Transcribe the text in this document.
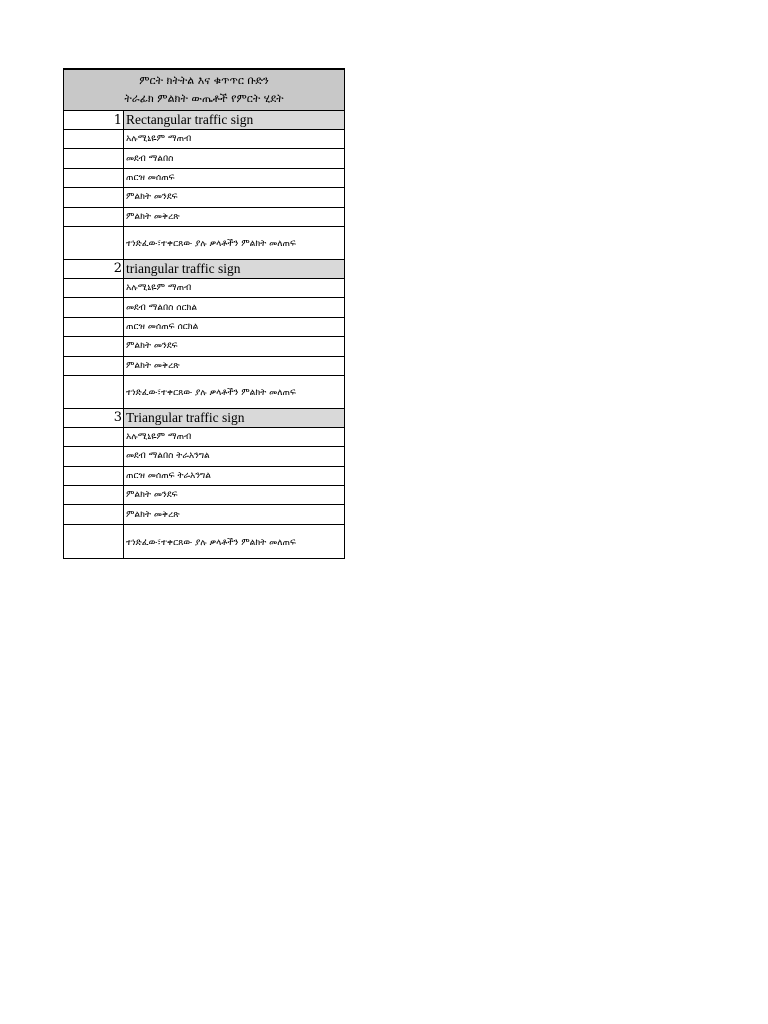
ምርት ክትትል እና ቁጥጥር ቡድን
ትራፊክ ምልክት ውጤቶች የምርት ሂደት
1 Rectangular traffic sign
አሉሚኒዬም ማጠብ
መደብ ማልበስ
ጠርዝ መሰጠፍ
ምልክት መንደፍ
ምልክት መቅረጽ
ተነድፈው፣ተቀርጸው ያሉ ቃላቶችን ምልክት መለጠፍ
2 triangular traffic sign
አሉሚኒዬም ማጠብ
መደብ ማልበስ ሰርክል
ጠርዝ መሰጠፍ ሰርክል
ምልክት መንደፍ
ምልክት መቅረጽ
ተነድፈው፣ተቀርጸው ያሉ ቃላቶችን ምልክት መለጠፍ
3 Triangular traffic sign
አሉሚኒዬም ማጠብ
መደብ ማልበስ ትራአንግል
ጠርዝ መሰጠፍ ትራአንግል
ምልክት መንደፍ
ምልክት መቅረጽ
ተነድፈው፣ተቀርጸው ያሉ ቃላቶችን ምልክት መለጠፍ
